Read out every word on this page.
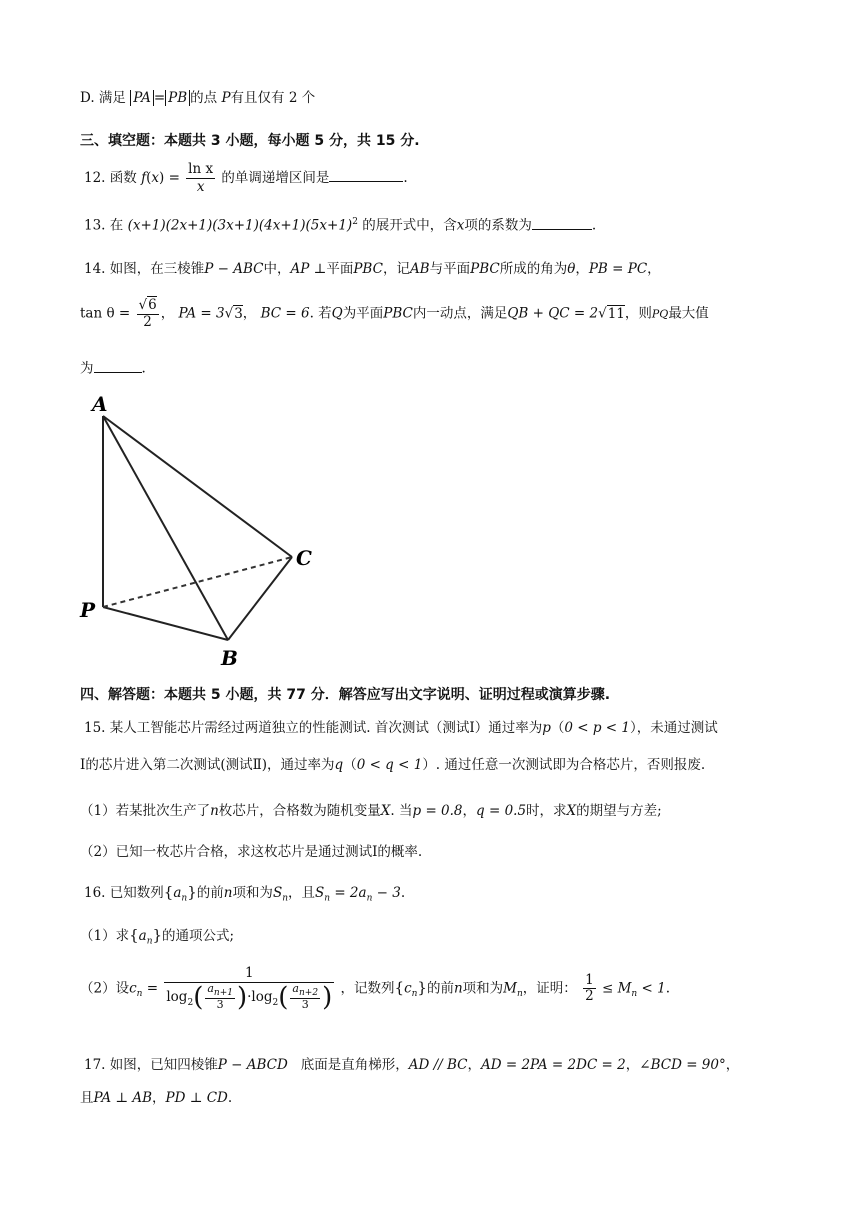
D. 满足 PA = PB 的点 P有且仅有 2 个
三、填空题：本题共 3 小题，每小题 5 分，共 15 分.
12. 函数 $f(x) = \frac{\text{ln x}}{x}$ 的单调递增区间是	.
13. 在 $(x+1)(2x+1)(3x+1)(4x+1)(5x+1)^2$ 的展开式中，含x项的系数为	.
14. 如图，在三棱锥P − ABC中，AP ⊥平面PBC，记AB与平面PBC所成的角为θ，PB = PC，
$\tan \theta = \frac{√6}{2}$ ， PA = 3√3， BC = 6. 若Q为平面PBC内一动点，满足QB + QC = 2√11，则PQ最大值
为	.
A
P
B
C
四、解答题：本题共 5 小题，共 77 分．解答应写出文字说明、证明过程或演算步骤.
15. 某人工智能芯片需经过两道独立的性能测试. 首次测试（测试Ⅰ）通过率为p（0 < p < 1），未通过测试
Ⅰ的芯片进入第二次测试(测试Ⅱ)，通过率为q（0 < q < 1）. 通过任意一次测试即为合格芯片，否则报废.
（1）若某批次生产了n枚芯片，合格数为随机变量X. 当p = 0.8，q = 0.5时，求X的期望与方差;
（2）已知一枚芯片合格，求这枚芯片是通过测试Ⅰ的概率.
16. 已知数列$\{a_n\}$的前n项和为$S_n$，且$S_n = 2a_n - 3$.
（1）求$\{a_n\}$的通项公式;
（2）设$c_n = \frac{1}{\log_2( \frac{a_{n+1}}{3} )\cdot\log_2( \frac{a_{n+2}}{3} )}$ ，记数列$\{c_n\}$的前n项和为$M_n$，证明： $\frac{1}{2} \le M_n < 1$.
17. 如图，已知四棱锥P − ABCD 底面是直角梯形，AD // BC，AD = 2PA = 2DC = 2，∠BCD = 90°，
且PA ⊥ AB，PD ⊥ CD.
